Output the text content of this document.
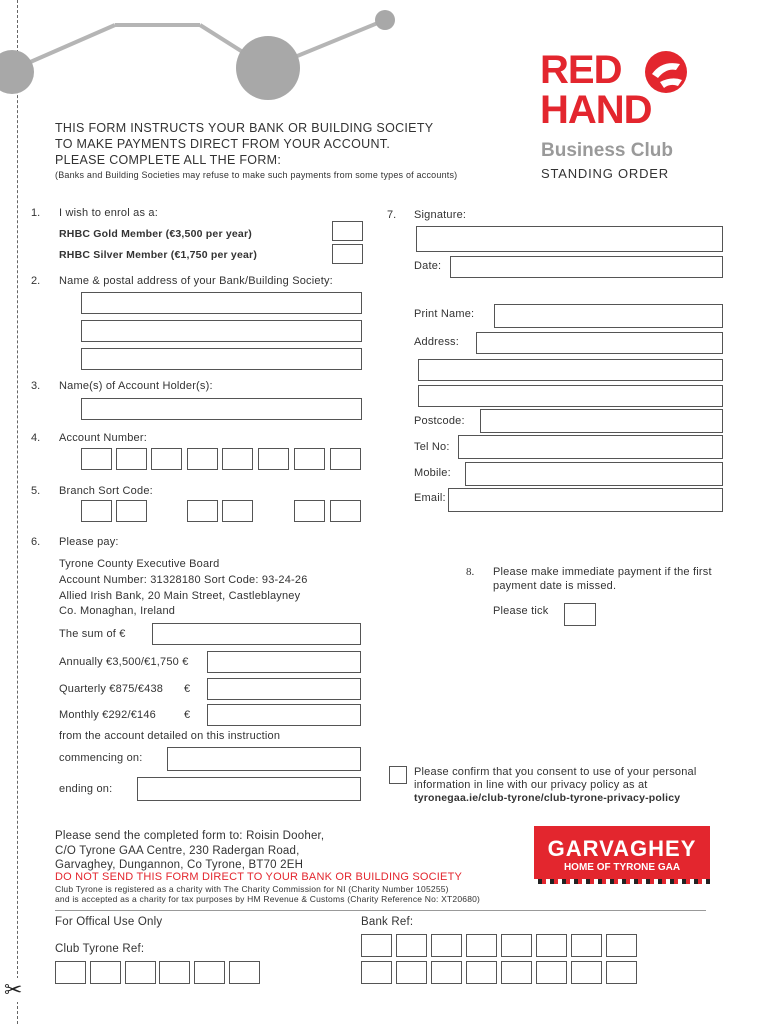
✂
THIS FORM INSTRUCTS YOUR BANK OR BUILDING SOCIETY
TO MAKE PAYMENTS DIRECT FROM YOUR ACCOUNT.
PLEASE COMPLETE ALL THE FORM:
(Banks and Building Societies may refuse to make such payments from some types of accounts)
RED
HAND
Business Club
STANDING ORDER
1. I wish to enrol as a:
RHBC Gold Member (€3,500 per year)
RHBC Silver Member (€1,750 per year)
2. Name & postal address of your Bank/Building Society:
3. Name(s) of Account Holder(s):
4. Account Number:
5. Branch Sort Code:
6. Please pay:
Tyrone County Executive Board
Account Number: 31328180 Sort Code: 93-24-26
Allied Irish Bank, 20 Main Street, Castleblayney
Co. Monaghan, Ireland
The sum of €
Annually €3,500/€1,750 €
Quarterly €875/€438 €
Monthly €292/€146	€
from the account detailed on this instruction
commencing on:
ending on:
7. Signature:
Date:
Print Name:
Address:
Postcode:
Tel No:
Mobile:
Email:
8. Please make immediate payment if the first
payment date is missed.
Please tick
Please confirm that you consent to use of your personal
information in line with our privacy policy as at
tyronegaa.ie/club-tyrone/club-tyrone-privacy-policy
Please send the completed form to: Roisin Dooher,
C/O Tyrone GAA Centre, 230 Radergan Road,
Garvaghey, Dungannon, Co Tyrone, BT70 2EH
DO NOT SEND THIS FORM DIRECT TO YOUR BANK OR BUILDING SOCIETY
Club Tyrone is registered as a charity with The Charity Commission for NI (Charity Number 105255)
and is accepted as a charity for tax purposes by HM Revenue & Customs (Charity Reference No: XT20680)
GARVAGHEY
HOME OF TYRONE GAA
For Offical Use Only	Bank Ref:
Club Tyrone Ref:
